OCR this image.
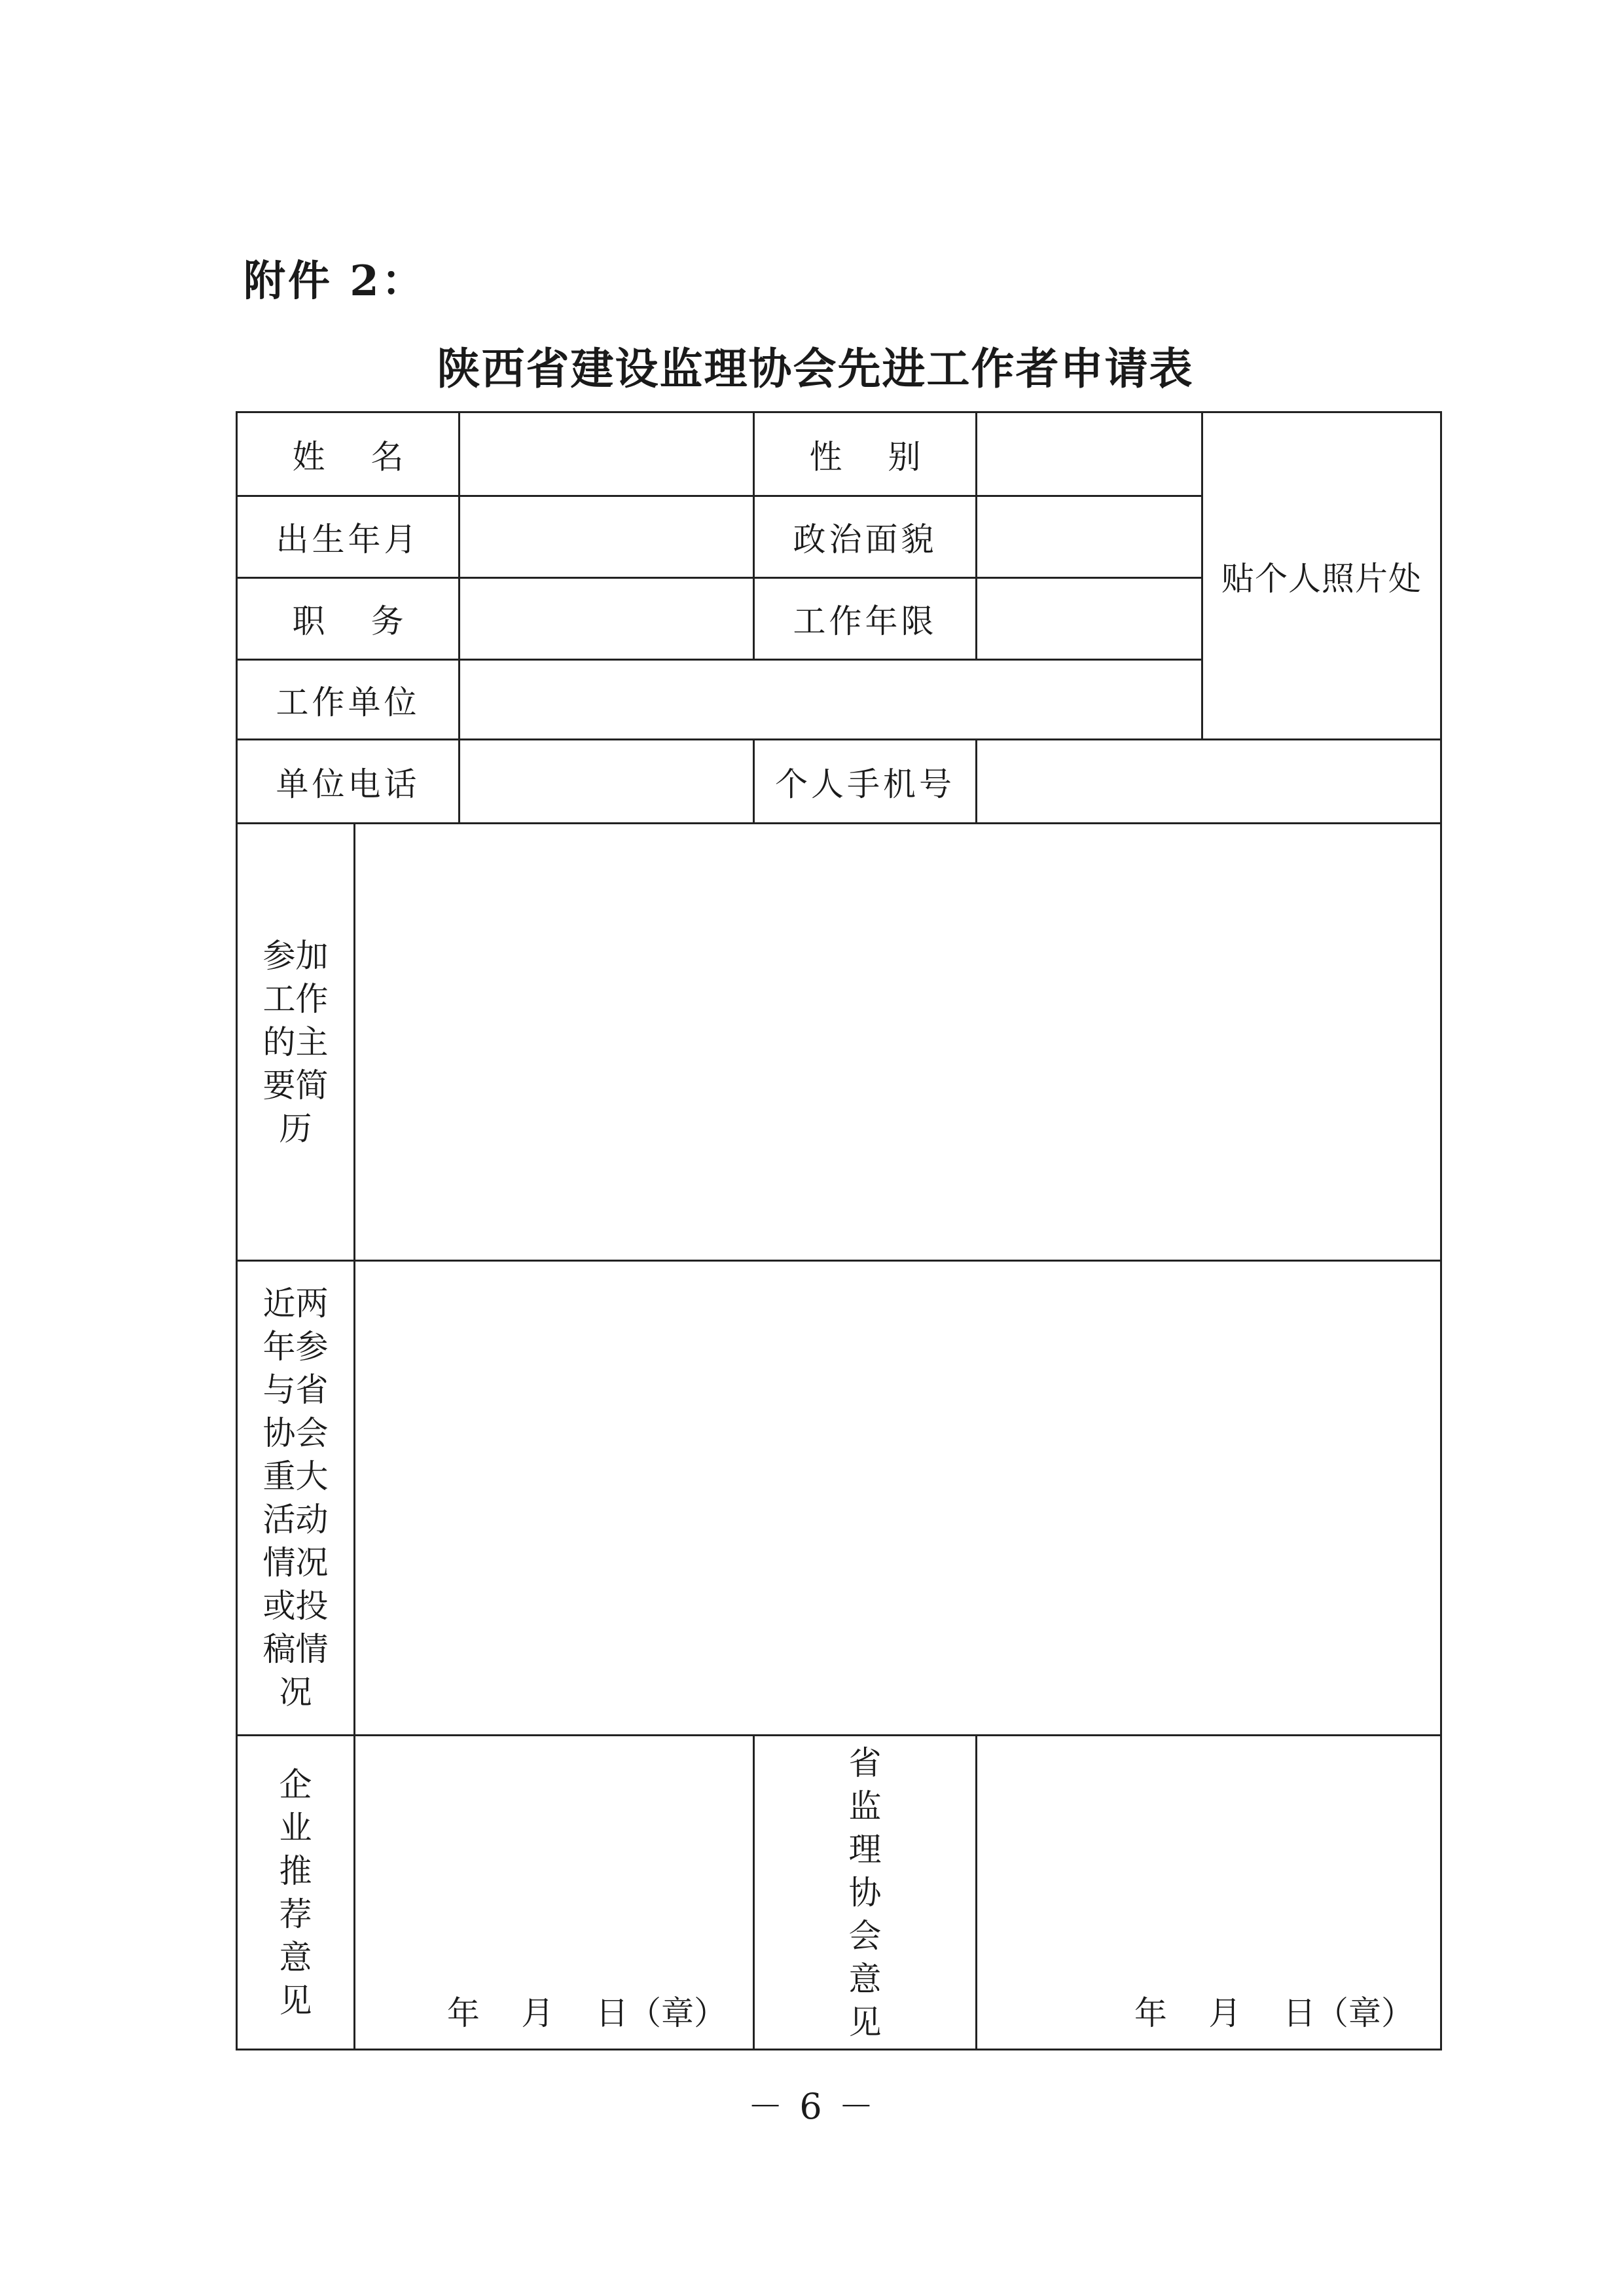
附件 2：
陕西省建设监理协会先进工作者申请表
姓名			性别		贴个人照片处
出生年月			政治面貌		
职务			工作年限		
工作单位					
单位电话			个人手机号		
参加工作的主要简历					
近两年参与省协会重大活动情况或投稿情况					
企业推荐意见	年    月    日（章）		省监理协会意见	年    月    日（章）	
－ 6 －
